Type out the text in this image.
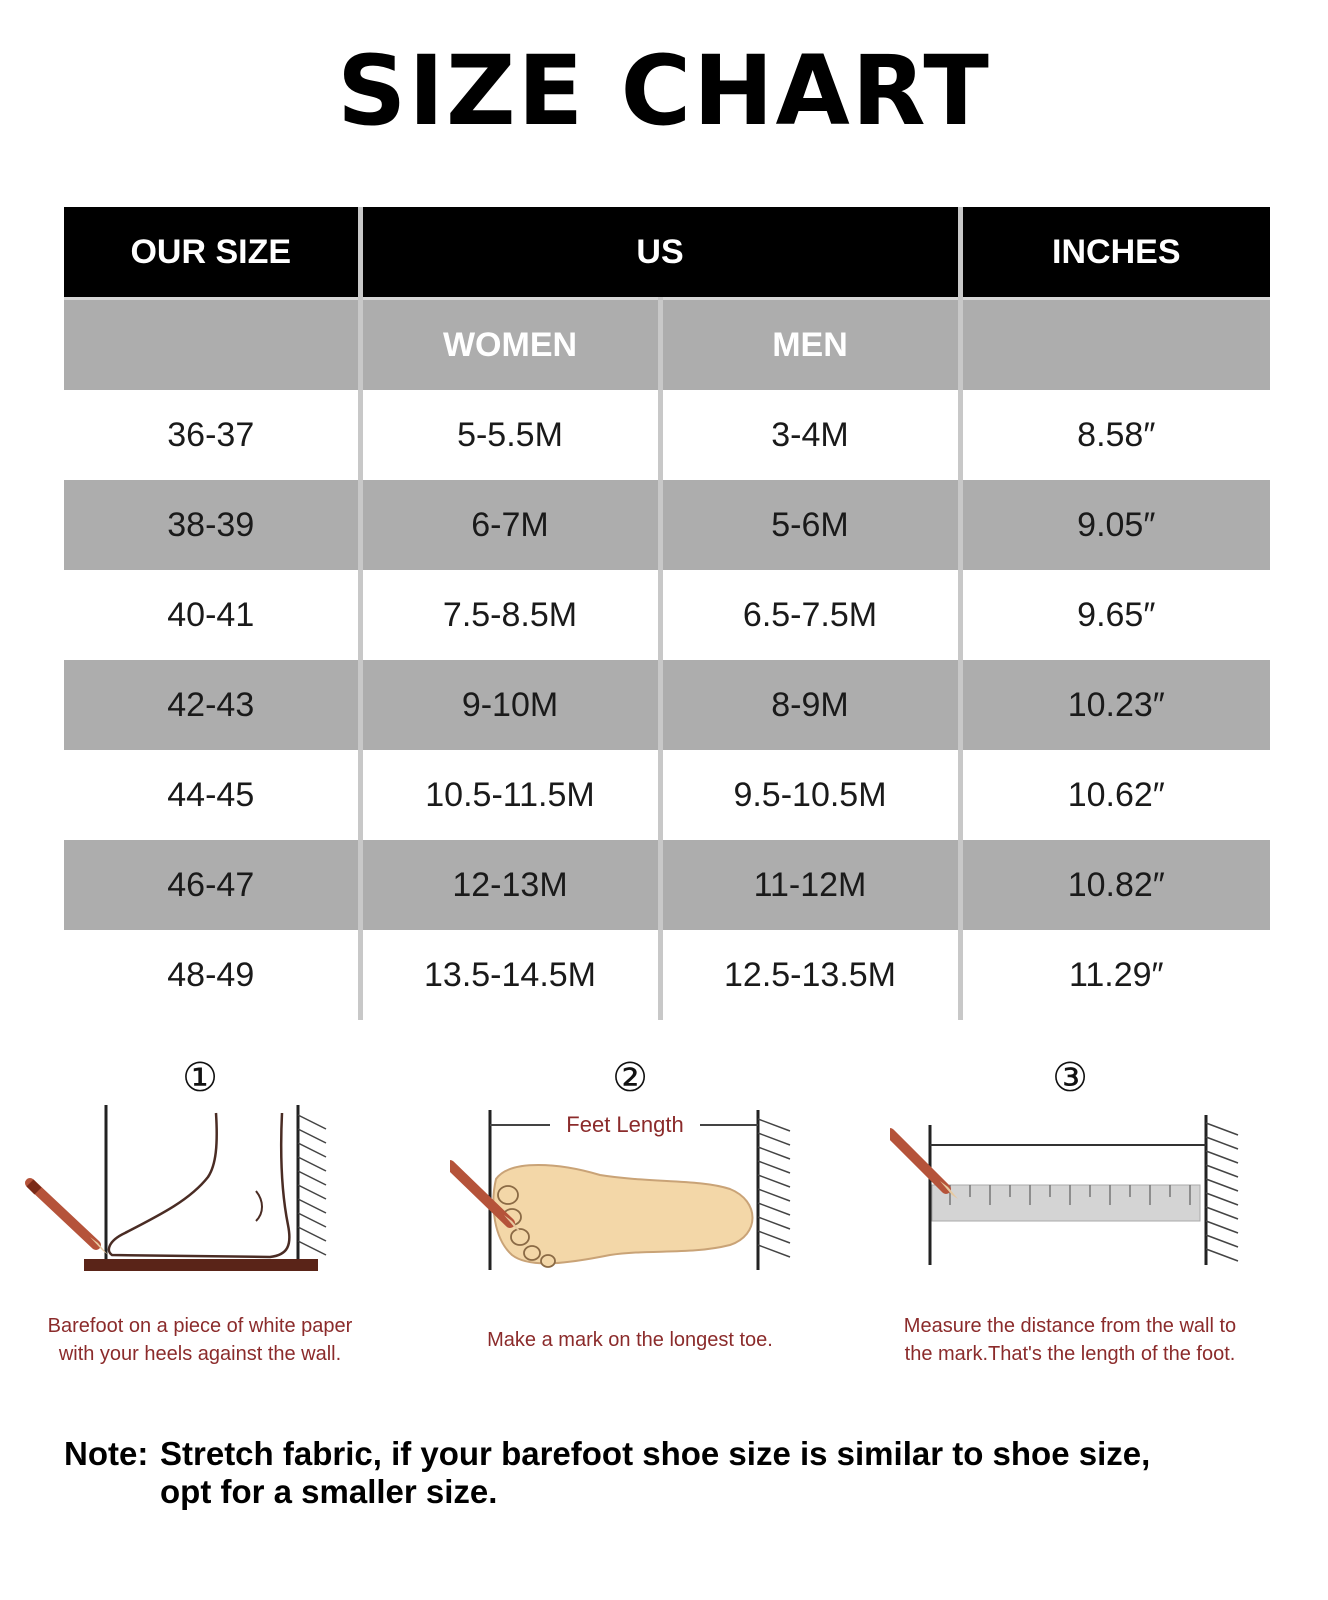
SIZE CHART
OUR SIZE	US		INCHES
	WOMEN	MEN	
36-37	5-5.5M	3-4M	8.58″
38-39	6-7M	5-6M	9.05″
40-41	7.5-8.5M	6.5-7.5M	9.65″
42-43	9-10M	8-9M	10.23″
44-45	10.5-11.5M	9.5-10.5M	10.62″
46-47	12-13M	11-12M	10.82″
48-49	13.5-14.5M	12.5-13.5M	11.29″
①
Barefoot on a piece of white paper
with your heels against the wall.
②
Feet Length
Make a mark on the longest toe.
③
Measure the distance from the wall to
the mark.That's the length of the foot.
Note: Stretch fabric, if your barefoot shoe size is similar to shoe size,
opt for a smaller size.
